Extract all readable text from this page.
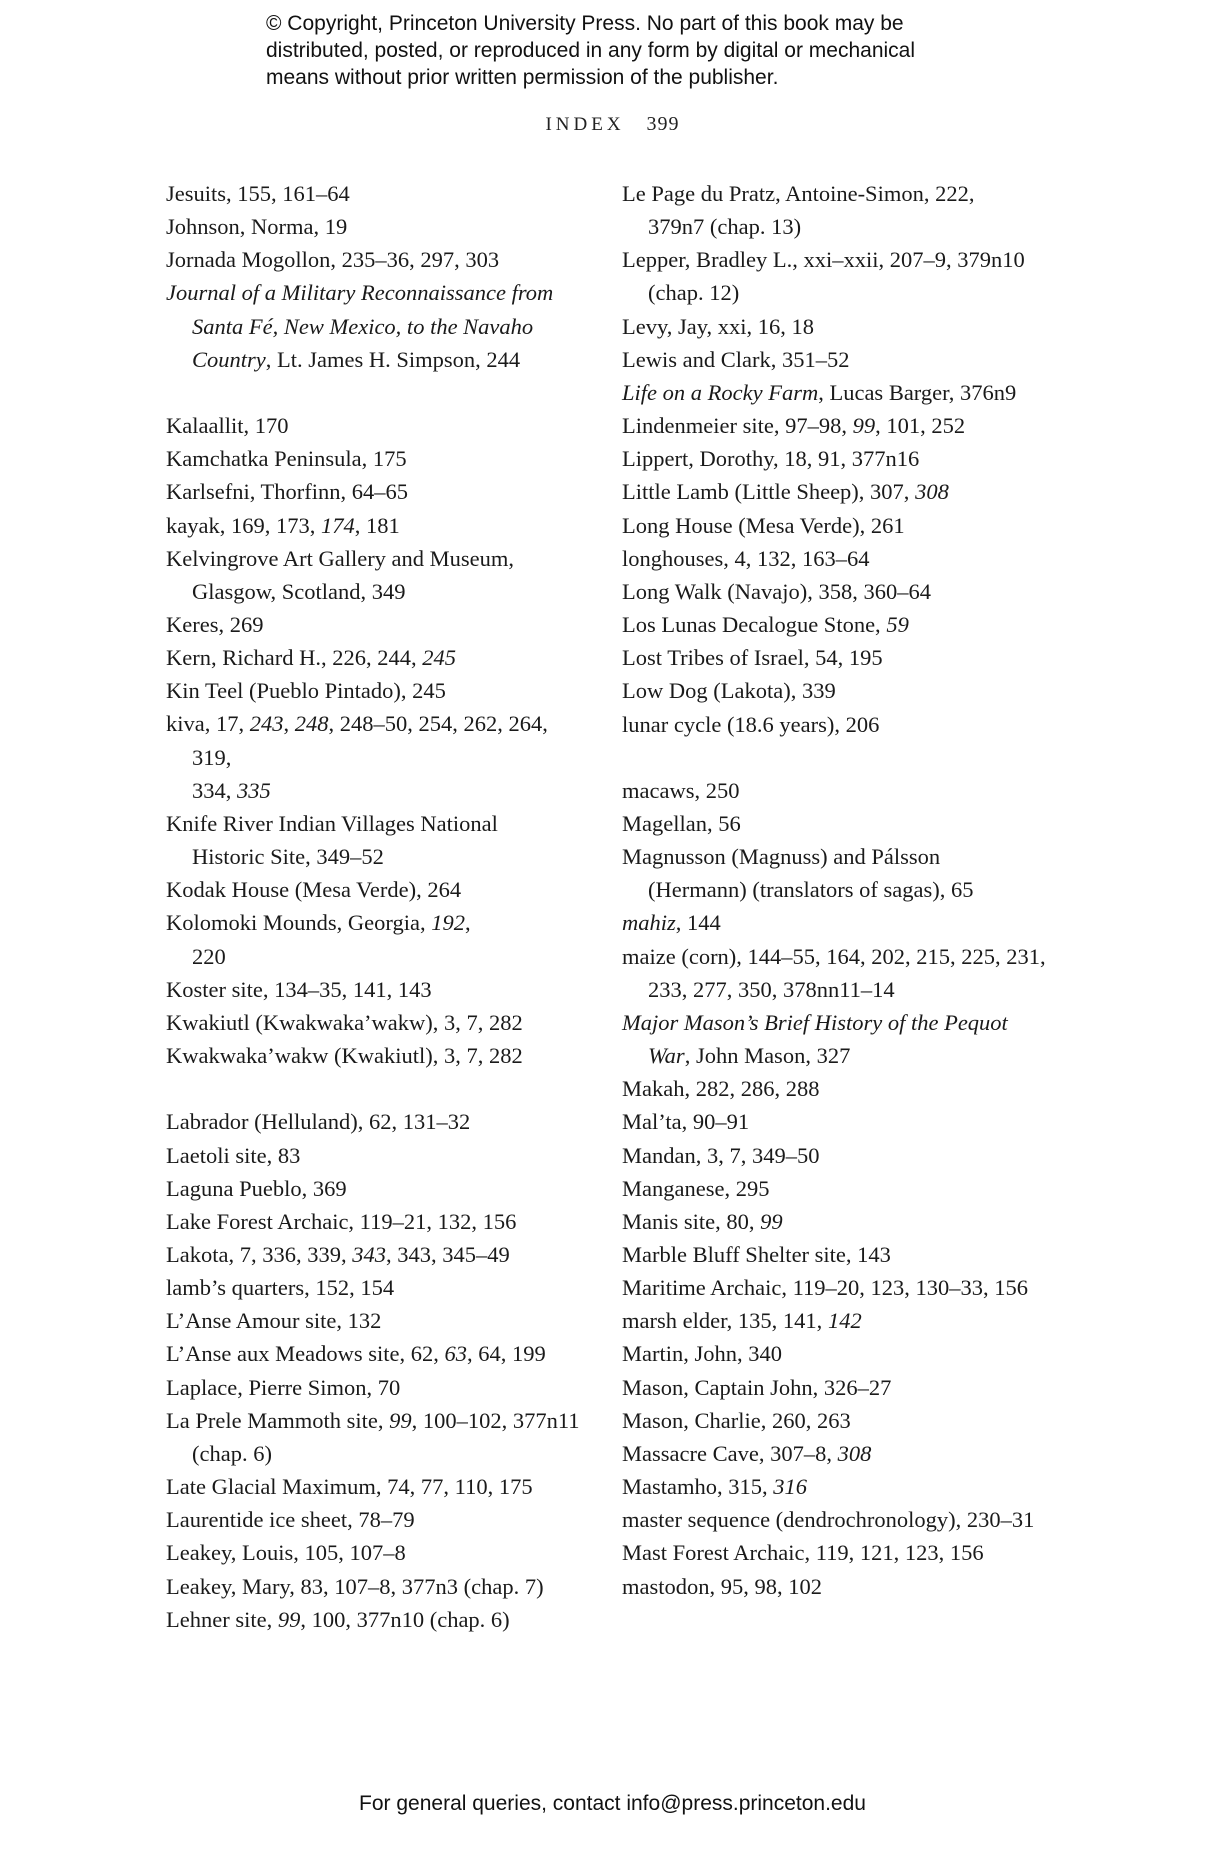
© Copyright, Princeton University Press. No part of this book may be
distributed, posted, or reproduced in any form by digital or mechanical
means without prior written permission of the publisher.
INDEX 399
Jesuits, 155, 161–64
Johnson, Norma, 19
Jornada Mogollon, 235–36, 297, 303
Journal of a Military Reconnaissance from
Santa Fé, New Mexico, to the Navaho
Country, Lt. James H. Simpson, 244
Kalaallit, 170
Kamchatka Peninsula, 175
Karlsefni, Thorfinn, 64–65
kayak, 169, 173, 174, 181
Kelvingrove Art Gallery and Museum,
Glasgow, Scotland, 349
Keres, 269
Kern, Richard H., 226, 244, 245
Kin Teel (Pueblo Pintado), 245
kiva, 17, 243, 248, 248–50, 254, 262, 264, 319,
334, 335
Knife River Indian Villages National
Historic Site, 349–52
Kodak House (Mesa Verde), 264
Kolomoki Mounds, Georgia, 192,
220
Koster site, 134–35, 141, 143
Kwakiutl (Kwakwaka’wakw), 3, 7, 282
Kwakwaka’wakw (Kwakiutl), 3, 7, 282
Labrador (Helluland), 62, 131–32
Laetoli site, 83
Laguna Pueblo, 369
Lake Forest Archaic, 119–21, 132, 156
Lakota, 7, 336, 339, 343, 343, 345–49
lamb’s quarters, 152, 154
L’Anse Amour site, 132
L’Anse aux Meadows site, 62, 63, 64, 199
Laplace, Pierre Simon, 70
La Prele Mammoth site, 99, 100–102, 377n11
(chap. 6)
Late Glacial Maximum, 74, 77, 110, 175
Laurentide ice sheet, 78–79
Leakey, Louis, 105, 107–8
Leakey, Mary, 83, 107–8, 377n3 (chap. 7)
Lehner site, 99, 100, 377n10 (chap. 6)
Le Page du Pratz, Antoine-Simon, 222,
379n7 (chap. 13)
Lepper, Bradley L., xxi–xxii, 207–9, 379n10
(chap. 12)
Levy, Jay, xxi, 16, 18
Lewis and Clark, 351–52
Life on a Rocky Farm, Lucas Barger, 376n9
Lindenmeier site, 97–98, 99, 101, 252
Lippert, Dorothy, 18, 91, 377n16
Little Lamb (Little Sheep), 307, 308
Long House (Mesa Verde), 261
longhouses, 4, 132, 163–64
Long Walk (Navajo), 358, 360–64
Los Lunas Decalogue Stone, 59
Lost Tribes of Israel, 54, 195
Low Dog (Lakota), 339
lunar cycle (18.6 years), 206
macaws, 250
Magellan, 56
Magnusson (Magnuss) and Pálsson
(Hermann) (translators of sagas), 65
mahiz, 144
maize (corn), 144–55, 164, 202, 215, 225, 231,
233, 277, 350, 378nn11–14
Major Mason’s Brief History of the Pequot
War, John Mason, 327
Makah, 282, 286, 288
Mal’ta, 90–91
Mandan, 3, 7, 349–50
Manganese, 295
Manis site, 80, 99
Marble Bluff Shelter site, 143
Maritime Archaic, 119–20, 123, 130–33, 156
marsh elder, 135, 141, 142
Martin, John, 340
Mason, Captain John, 326–27
Mason, Charlie, 260, 263
Massacre Cave, 307–8, 308
Mastamho, 315, 316
master sequence (dendrochronology), 230–31
Mast Forest Archaic, 119, 121, 123, 156
mastodon, 95, 98, 102
For general queries, contact info@press.princeton.edu
